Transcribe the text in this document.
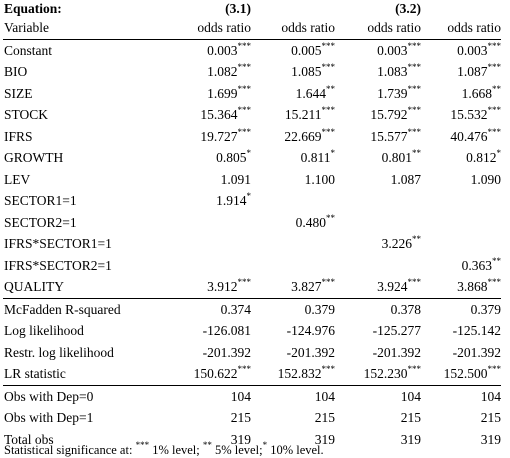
Equation:	(3.1)		(3.2)	
Variable	odds ratio	odds ratio	odds ratio	odds ratio
Constant	0.003***	0.005***	0.003***	0.003***
BIO	1.082***	1.085***	1.083***	1.087***
SIZE	1.699***	1.644**	1.739***	1.668**
STOCK	15.364***	15.211***	15.792***	15.532***
IFRS	19.727***	22.669***	15.577***	40.476***
GROWTH	0.805*	0.811*	0.801**	0.812*
LEV	1.091	1.100	1.087	1.090
SECTOR1=1	1.914*			
SECTOR2=1		0.480**		
IFRS*SECTOR1=1			3.226**	
IFRS*SECTOR2=1				0.363**
QUALITY	3.912***	3.827***	3.924***	3.868***
McFadden R-squared	0.374	0.379	0.378	0.379
Log likelihood	-126.081	-124.976	-125.277	-125.142
Restr. log likelihood	-201.392	-201.392	-201.392	-201.392
LR statistic	150.622***	152.832***	152.230***	152.500***
Obs with Dep=0	104	104	104	104
Obs with Dep=1	215	215	215	215
Total obs	319	319	319	319
Statistical significance at: *** 1% level; ** 5% level;* 10% level.
